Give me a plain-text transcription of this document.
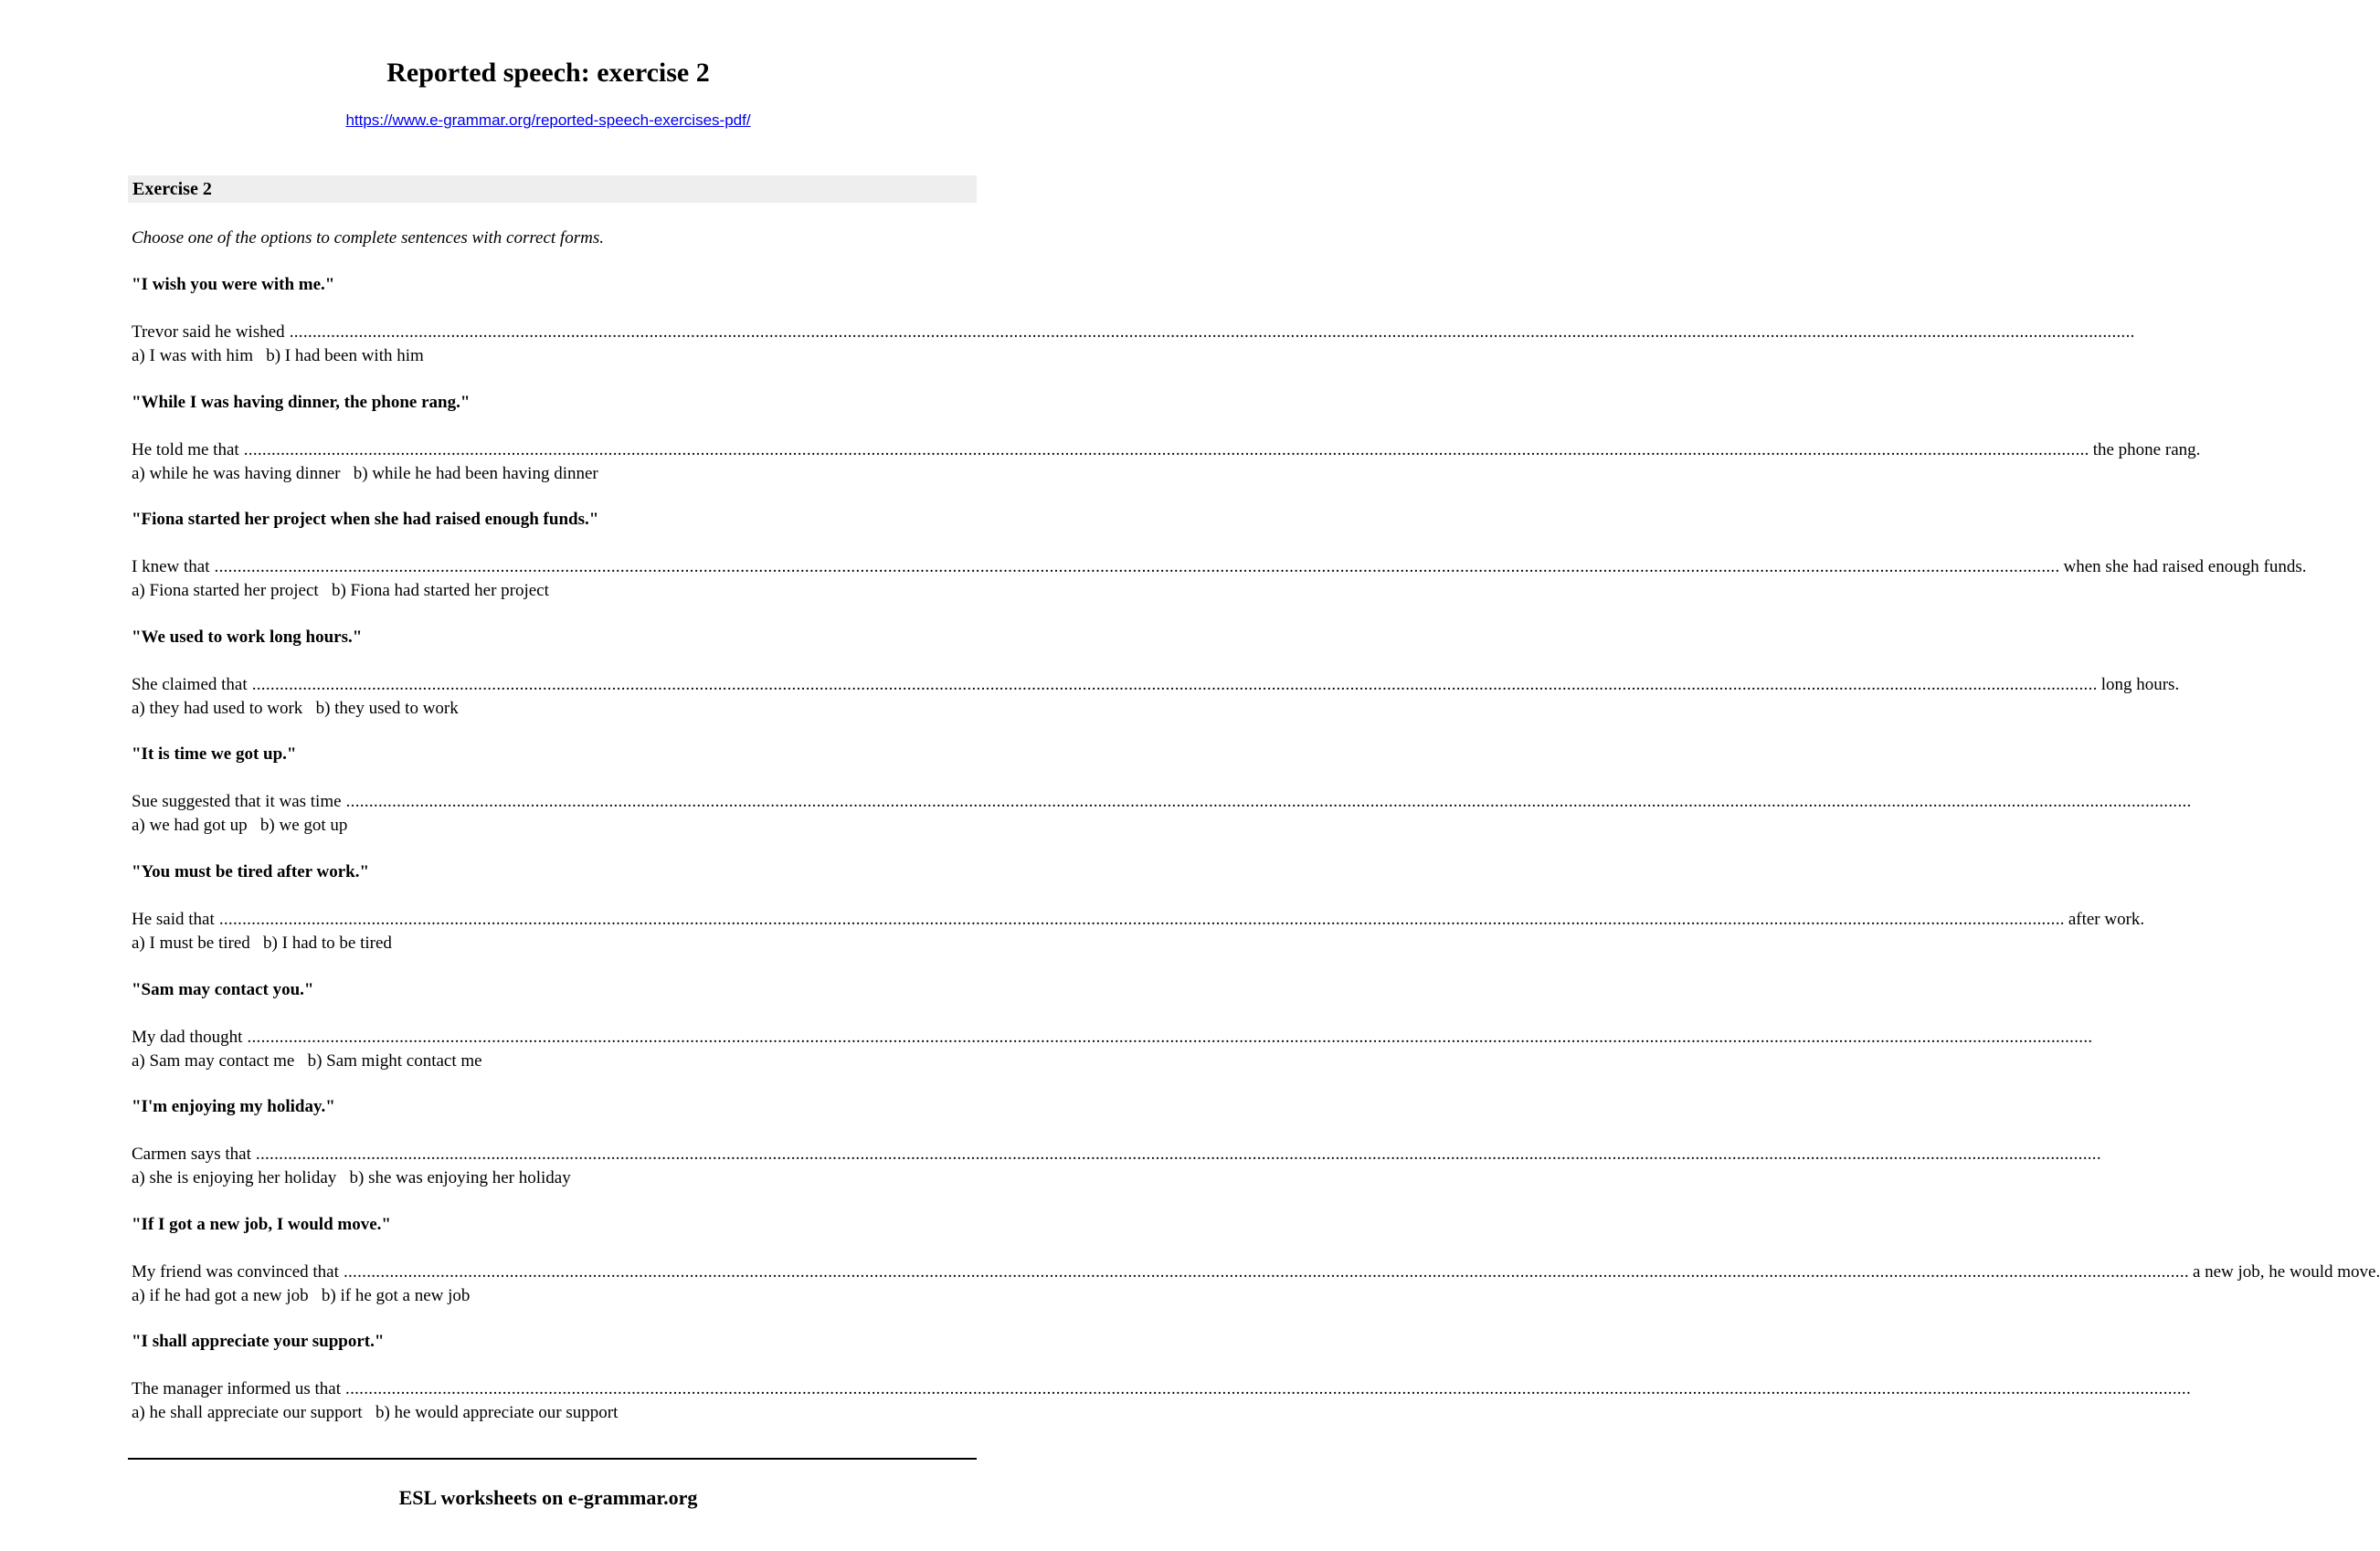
Reported speech: exercise 2
https://www.e-grammar.org/reported-speech-exercises-pdf/
Exercise 2
Choose one of the options to complete sentences with correct forms.
"I wish you were with me."
Trevor said he wished ................................................................................................................................................................................................................................................................................................................................................................................................................
a) I was with him b) I had been with him
"While I was having dinner, the phone rang."
He told me that ................................................................................................................................................................................................................................................................................................................................................................................................................ the phone rang.
a) while he was having dinner b) while he had been having dinner
"Fiona started her project when she had raised enough funds."
I knew that ................................................................................................................................................................................................................................................................................................................................................................................................................ when she had raised enough funds.
a) Fiona started her project b) Fiona had started her project
"We used to work long hours."
She claimed that ................................................................................................................................................................................................................................................................................................................................................................................................................ long hours.
a) they had used to work b) they used to work
"It is time we got up."
Sue suggested that it was time ................................................................................................................................................................................................................................................................................................................................................................................................................
a) we had got up b) we got up
"You must be tired after work."
He said that ................................................................................................................................................................................................................................................................................................................................................................................................................ after work.
a) I must be tired b) I had to be tired
"Sam may contact you."
My dad thought ................................................................................................................................................................................................................................................................................................................................................................................................................
a) Sam may contact me b) Sam might contact me
"I'm enjoying my holiday."
Carmen says that ................................................................................................................................................................................................................................................................................................................................................................................................................
a) she is enjoying her holiday b) she was enjoying her holiday
"If I got a new job, I would move."
My friend was convinced that ................................................................................................................................................................................................................................................................................................................................................................................................................ a new job, he would move.
a) if he had got a new job b) if he got a new job
"I shall appreciate your support."
The manager informed us that ................................................................................................................................................................................................................................................................................................................................................................................................................
a) he shall appreciate our support b) he would appreciate our support
ESL worksheets on e-grammar.org
